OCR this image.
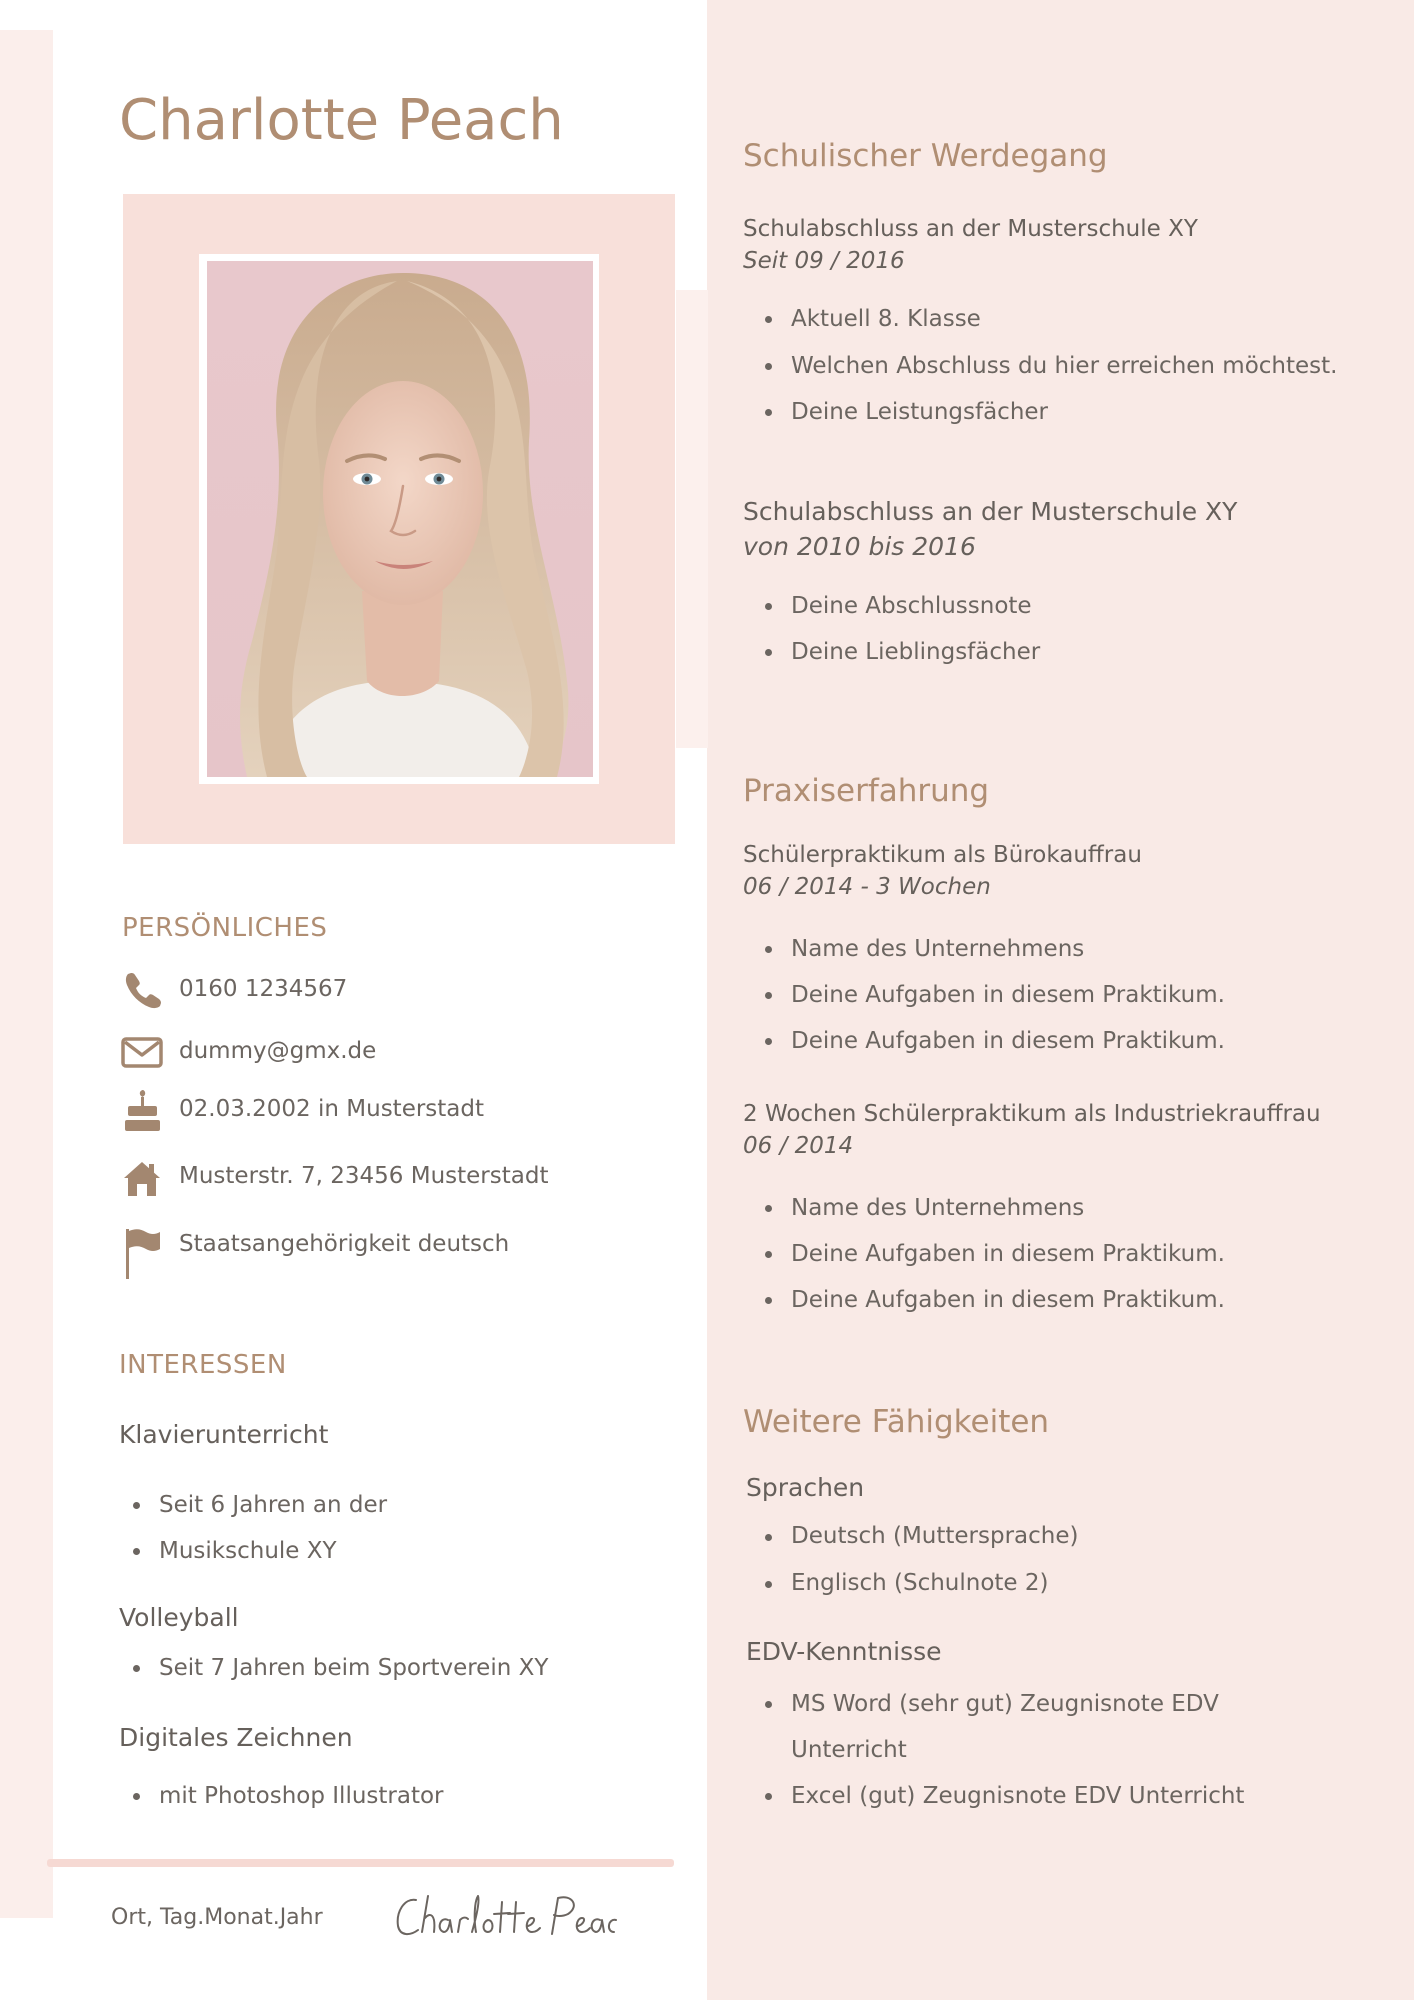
Charlotte Peach
PERSÖNLICHES
0160 1234567
dummy@gmx.de
02.03.2002 in Musterstadt
Musterstr. 7, 23456 Musterstadt
Staatsangehörigkeit deutsch
INTERESSEN
Klavierunterricht
Seit 6 Jahren an der
Musikschule XY
Volleyball
Seit 7 Jahren beim Sportverein XY
Digitales Zeichnen
mit Photoshop Illustrator
Ort, Tag.Monat.Jahr
Schulischer Werdegang
Schulabschluss an der Musterschule XY
Seit 09 / 2016
Aktuell 8. Klasse
Welchen Abschluss du hier erreichen möchtest.
Deine Leistungsfächer
Schulabschluss an der Musterschule XY
von 2010 bis 2016
Deine Abschlussnote
Deine Lieblingsfächer
Praxiserfahrung
Schülerpraktikum als Bürokauffrau
06 / 2014 - 3 Wochen
Name des Unternehmens
Deine Aufgaben in diesem Praktikum.
Deine Aufgaben in diesem Praktikum.
2 Wochen Schülerpraktikum als Industriekrauffrau
06 / 2014
Name des Unternehmens
Deine Aufgaben in diesem Praktikum.
Deine Aufgaben in diesem Praktikum.
Weitere Fähigkeiten
Sprachen
Deutsch (Muttersprache)
Englisch (Schulnote 2)
EDV-Kenntnisse
MS Word (sehr gut) Zeugnisnote EDV
Unterricht
Excel (gut) Zeugnisnote EDV Unterricht
